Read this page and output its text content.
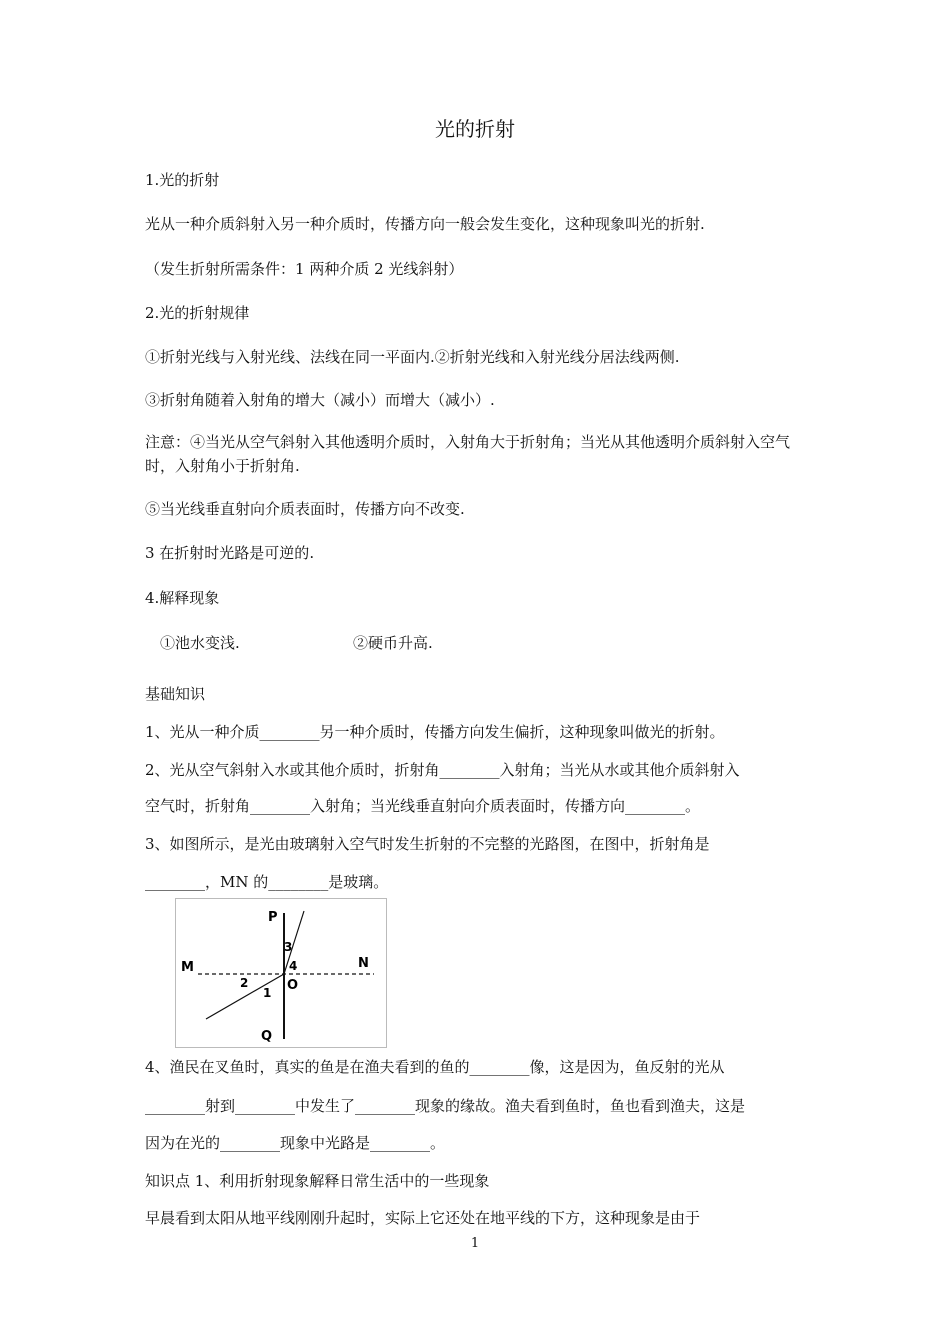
光的折射
1.光的折射
光从一种介质斜射入另一种介质时，传播方向一般会发生变化，这种现象叫光的折射.
（发生折射所需条件：1 两种介质 2 光线斜射）
2.光的折射规律
①折射光线与入射光线、法线在同一平面内.②折射光线和入射光线分居法线两侧.
③折射角随着入射角的增大（减小）而增大（减小）.
注意：④当光从空气斜射入其他透明介质时，入射角大于折射角；当光从其他透明介质斜射入空气时，入射角小于折射角.
⑤当光线垂直射向介质表面时，传播方向不改变.
3 在折射时光路是可逆的.
4.解释现象
①池水变浅.	②硬币升高.
基础知识
1、光从一种介质________另一种介质时，传播方向发生偏折，这种现象叫做光的折射。
2、光从空气斜射入水或其他介质时，折射角________入射角；当光从水或其他介质斜射入
空气时，折射角________入射角；当光线垂直射向介质表面时，传播方向________。
3、如图所示，是光由玻璃射入空气时发生折射的不完整的光路图，在图中，折射角是
________，MN 的________是玻璃。
P
M	N
O
Q
3
4
2
1
4、渔民在叉鱼时，真实的鱼是在渔夫看到的鱼的________像，这是因为，鱼反射的光从
________射到________中发生了________现象的缘故。渔夫看到鱼时，鱼也看到渔夫，这是
因为在光的________现象中光路是________。
知识点 1、利用折射现象解释日常生活中的一些现象
早晨看到太阳从地平线刚刚升起时，实际上它还处在地平线的下方，这种现象是由于
1
